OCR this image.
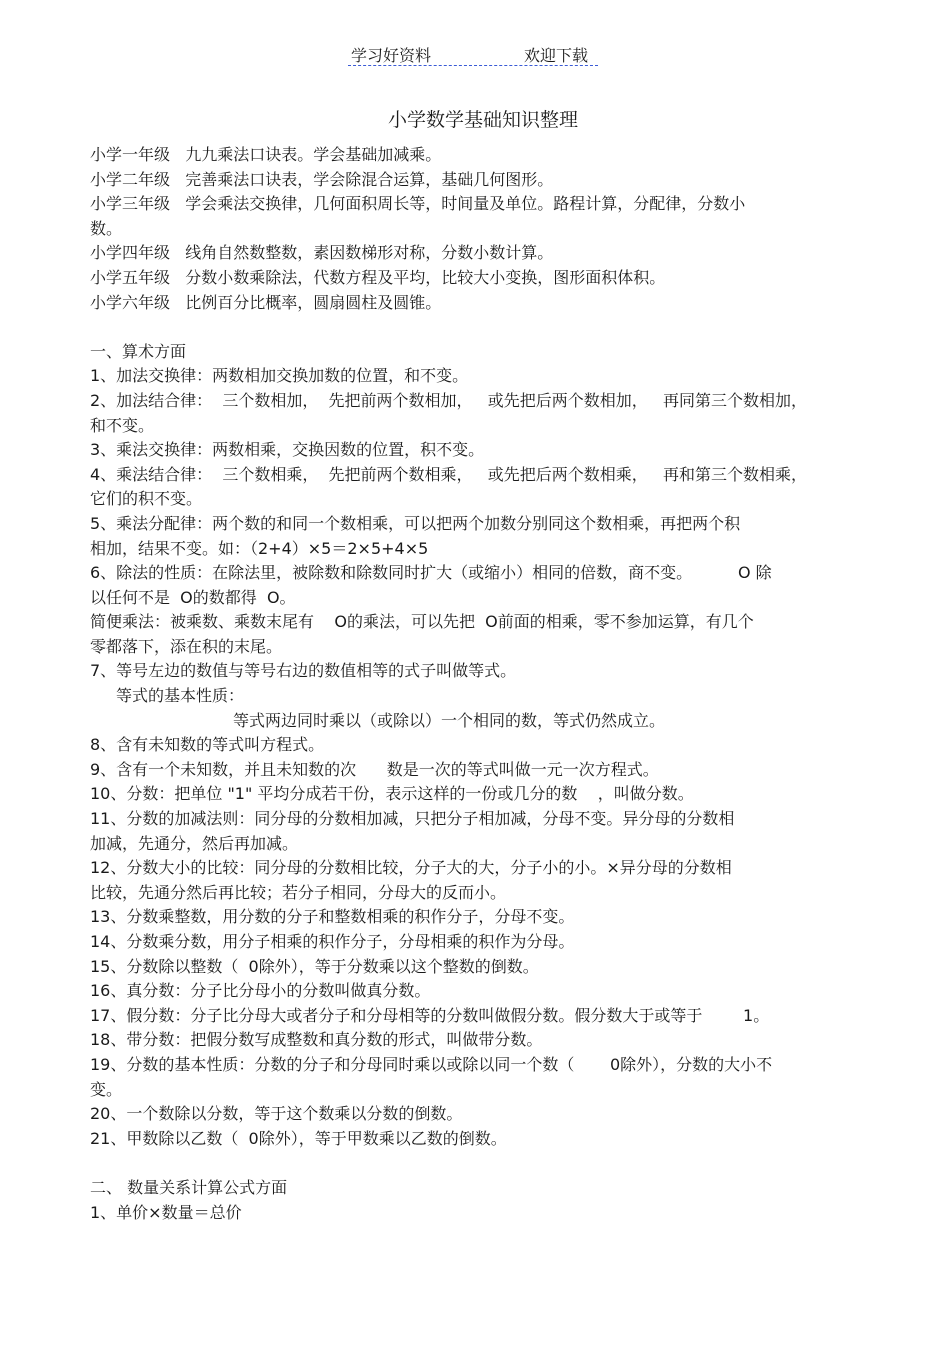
学习好资料	欢迎下载
小学数学基础知识整理
小学一年级   九九乘法口诀表。学会基础加减乘。
小学二年级   完善乘法口诀表，学会除混合运算，基础几何图形。
小学三年级   学会乘法交换律，几何面积周长等，时间量及单位。路程计算，分配律，分数小
数。
小学四年级   线角自然数整数，素因数梯形对称，分数小数计算。
小学五年级   分数小数乘除法，代数方程及平均，比较大小变换，图形面积体积。
小学六年级   比例百分比概率，圆扇圆柱及圆锥。
一、算术方面
1、加法交换律：两数相加交换加数的位置，和不变。
2、加法结合律：  三个数相加，  先把前两个数相加，   或先把后两个数相加，   再同第三个数相加，
和不变。
3、乘法交换律：两数相乘，交换因数的位置，积不变。
4、乘法结合律：  三个数相乘，  先把前两个数相乘，   或先把后两个数相乘，   再和第三个数相乘，
它们的积不变。
5、乘法分配律：两个数的和同一个数相乘，可以把两个加数分别同这个数相乘，再把两个积
相加，结果不变。如：（2+4）×5＝2×5+4×5
6、除法的性质：在除法里，被除数和除数同时扩大（或缩小）相同的倍数，商不变。         O 除
以任何不是  O的数都得  O。
简便乘法：被乘数、乘数末尾有    O的乘法，可以先把  O前面的相乘，零不参加运算，有几个
零都落下，添在积的末尾。
7、等号左边的数值与等号右边的数值相等的式子叫做等式。
等式的基本性质：
等式两边同时乘以（或除以）一个相同的数，等式仍然成立。
8、含有未知数的等式叫方程式。
9、含有一个未知数，并且未知数的次      数是一次的等式叫做一元一次方程式。
10、分数：把单位 "1" 平均分成若干份，表示这样的一份或几分的数    ，叫做分数。
11、分数的加减法则：同分母的分数相加减，只把分子相加减，分母不变。异分母的分数相
加减，先通分，然后再加减。
12、分数大小的比较：同分母的分数相比较，分子大的大，分子小的小。×异分母的分数相
比较，先通分然后再比较；若分子相同，分母大的反而小。
13、分数乘整数，用分数的分子和整数相乘的积作分子，分母不变。
14、分数乘分数，用分子相乘的积作分子，分母相乘的积作为分母。
15、分数除以整数（  0除外），等于分数乘以这个整数的倒数。
16、真分数：分子比分母小的分数叫做真分数。
17、假分数：分子比分母大或者分子和分母相等的分数叫做假分数。假分数大于或等于        1。
18、带分数：把假分数写成整数和真分数的形式，叫做带分数。
19、分数的基本性质：分数的分子和分母同时乘以或除以同一个数（       0除外），分数的大小不
变。
20、一个数除以分数，等于这个数乘以分数的倒数。
21、甲数除以乙数（  0除外），等于甲数乘以乙数的倒数。
二、 数量关系计算公式方面
1、单价×数量＝总价
